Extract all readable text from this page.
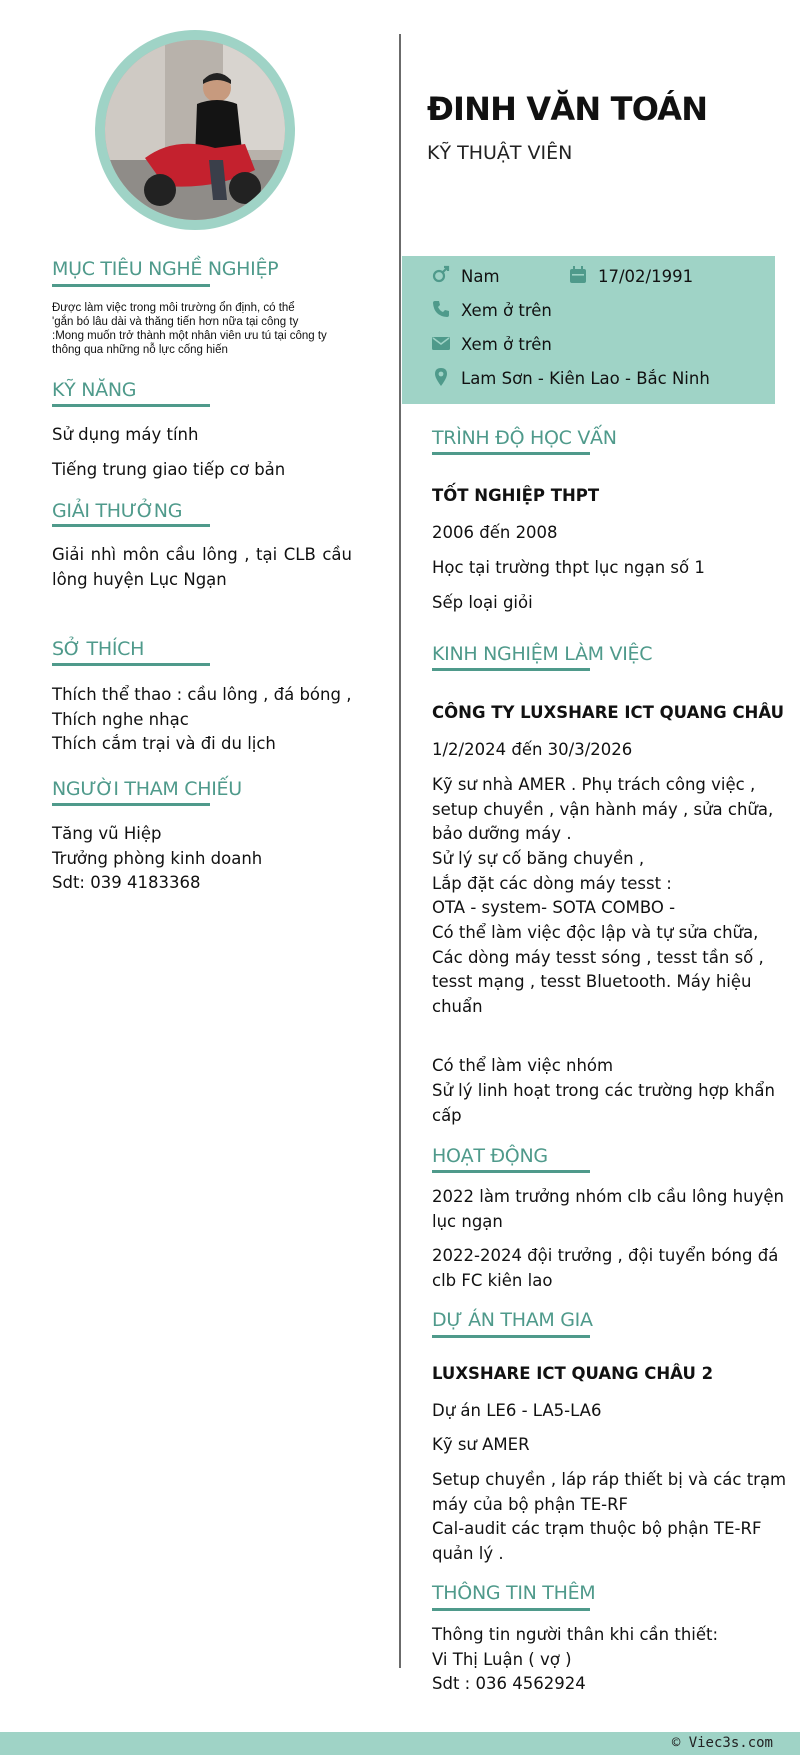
MỤC TIÊU NGHỀ NGHIỆP
Được làm việc trong môi trường ổn định, có thể
'gắn bó lâu dài và thăng tiến hơn nữa tại công ty
:Mong muốn trở thành một nhân viên ưu tú tại công ty
thông qua những nỗ lực cống hiến
KỸ NĂNG
Sử dụng máy tính
Tiếng trung giao tiếp cơ bản
GIẢI THƯỞNG
Giải nhì môn cầu lông , tại CLB cầu
lông huyện Lục Ngạn
SỞ THÍCH
Thích thể thao : cầu lông , đá bóng ,
Thích nghe nhạc
Thích cắm trại và đi du lịch
NGƯỜI THAM CHIẾU
Tăng vũ Hiệp
Trưởng phòng kinh doanh
Sdt: 039 4183368
ĐINH VĂN TOÁN
KỸ THUẬT VIÊN
Nam	17/02/1991
Xem ở trên
Xem ở trên
Lam Sơn - Kiên Lao - Bắc Ninh
TRÌNH ĐỘ HỌC VẤN
TỐT NGHIỆP THPT
2006 đến 2008
Học tại trường thpt lục ngạn số 1
Sếp loại giỏi
KINH NGHIỆM LÀM VIỆC
CÔNG TY LUXSHARE ICT QUANG CHÂU
1/2/2024 đến 30/3/2026
Kỹ sư nhà AMER . Phụ trách công việc ,
setup chuyền , vận hành máy , sửa chữa,
bảo dưỡng máy .
Sử lý sự cố băng chuyền ,
Lắp đặt các dòng máy tesst :
OTA - system- SOTA COMBO -
Có thể làm việc độc lập và tự sửa chữa,
Các dòng máy tesst sóng , tesst tần số ,
tesst mạng , tesst Bluetooth. Máy hiệu
chuẩn
Có thể làm việc nhóm
Sử lý linh hoạt trong các trường hợp khẩn
cấp
HOẠT ĐỘNG
2022 làm trưởng nhóm clb cầu lông huyện
lục ngạn
2022-2024 đội trưởng , đội tuyển bóng đá
clb FC kiên lao
DỰ ÁN THAM GIA
LUXSHARE ICT QUANG CHÂU 2
Dự án LE6 - LA5-LA6
Kỹ sư AMER
Setup chuyền , láp ráp thiết bị và các trạm
máy của bộ phận TE-RF
Cal-audit các trạm thuộc bộ phận TE-RF
quản lý .
THÔNG TIN THÊM
Thông tin người thân khi cần thiết:
Vi Thị Luận ( vợ )
Sdt : 036 4562924
© Viec3s.com
